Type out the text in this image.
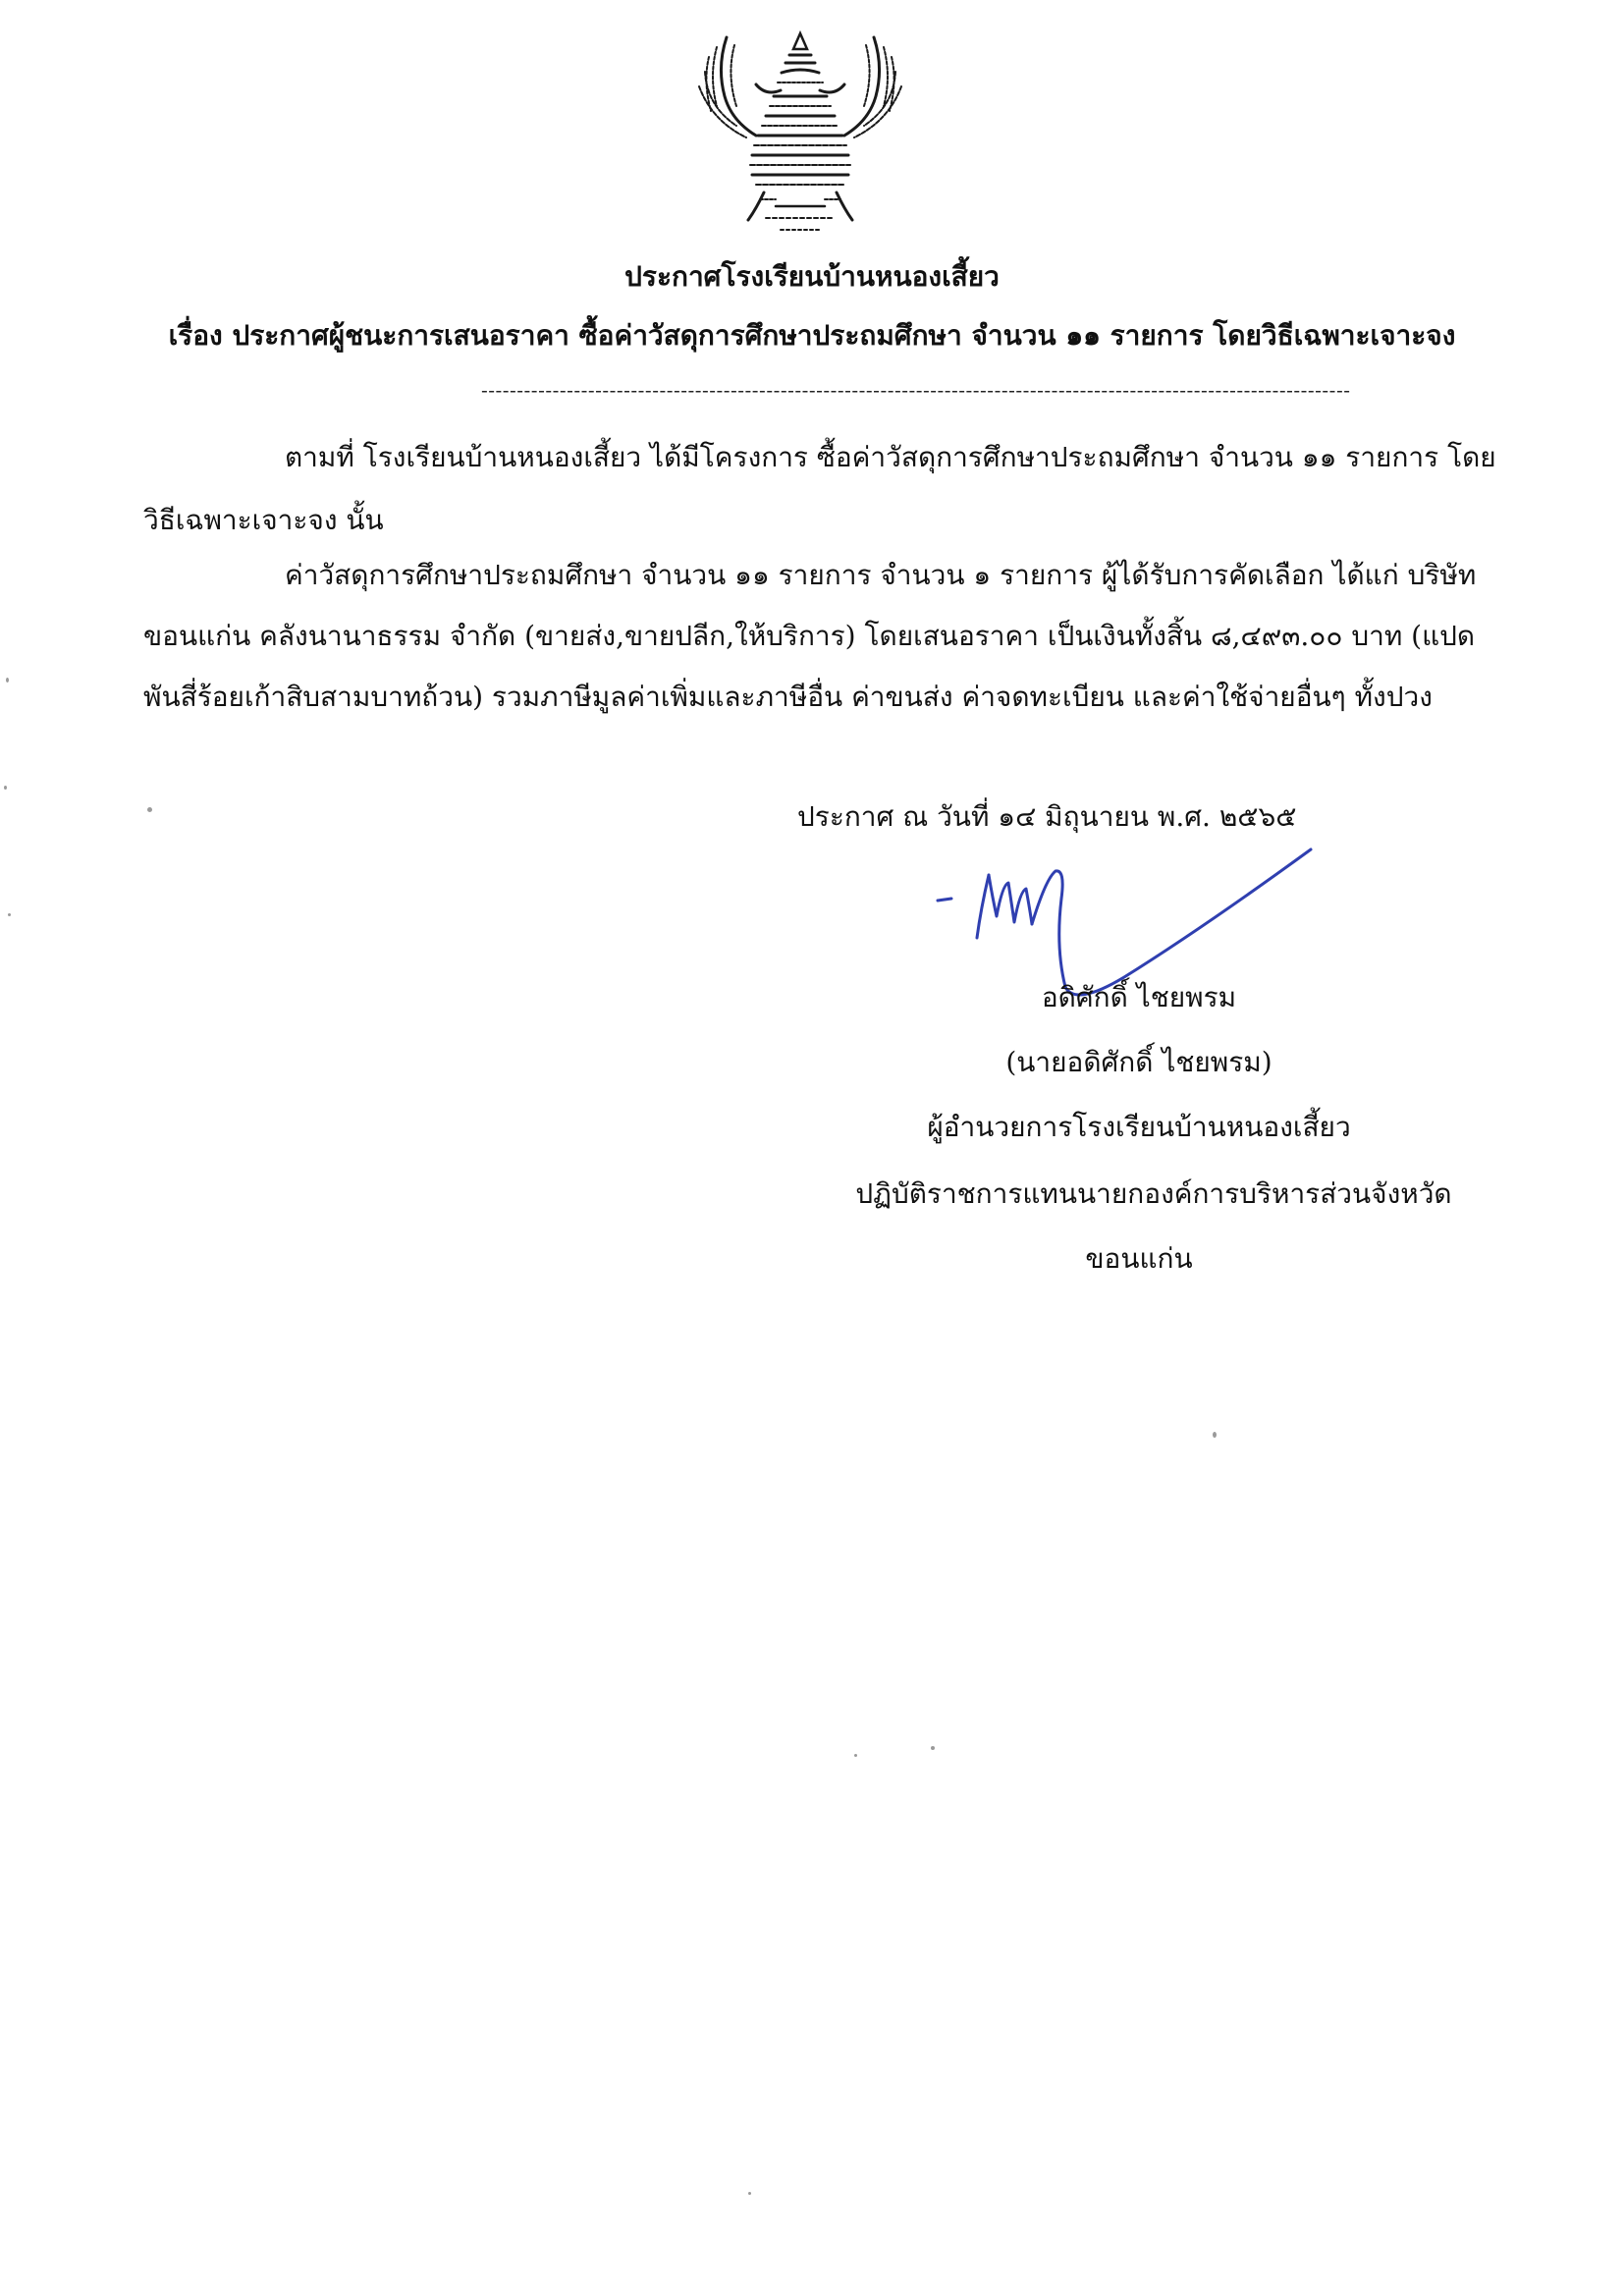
ประกาศโรงเรียนบ้านหนองเสี้ยว
เรื่อง ประกาศผู้ชนะการเสนอราคา ซื้อค่าวัสดุการศึกษาประถมศึกษา จำนวน ๑๑ รายการ โดยวิธีเฉพาะเจาะจง
--------------------------------------------------------------------------------------------------------------------------
ตามที่ โรงเรียนบ้านหนองเสี้ยว ได้มีโครงการ ซื้อค่าวัสดุการศึกษาประถมศึกษา จำนวน ๑๑ รายการ โดย
วิธีเฉพาะเจาะจง นั้น
ค่าวัสดุการศึกษาประถมศึกษา จำนวน ๑๑ รายการ จำนวน ๑ รายการ ผู้ได้รับการคัดเลือก ได้แก่ บริษัท
ขอนแก่น คลังนานาธรรม จำกัด (ขายส่ง,ขายปลีก,ให้บริการ) โดยเสนอราคา เป็นเงินทั้งสิ้น ๘,๔๙๓.๐๐ บาท (แปด
พันสี่ร้อยเก้าสิบสามบาทถ้วน) รวมภาษีมูลค่าเพิ่มและภาษีอื่น ค่าขนส่ง ค่าจดทะเบียน และค่าใช้จ่ายอื่นๆ ทั้งปวง
ประกาศ ณ วันที่ ๑๔ มิถุนายน พ.ศ. ๒๕๖๕
อดิศักดิ์ ไชยพรม
(นายอดิศักดิ์ ไชยพรม)
ผู้อำนวยการโรงเรียนบ้านหนองเสี้ยว
ปฏิบัติราชการแทนนายกองค์การบริหารส่วนจังหวัด
ขอนแก่น
